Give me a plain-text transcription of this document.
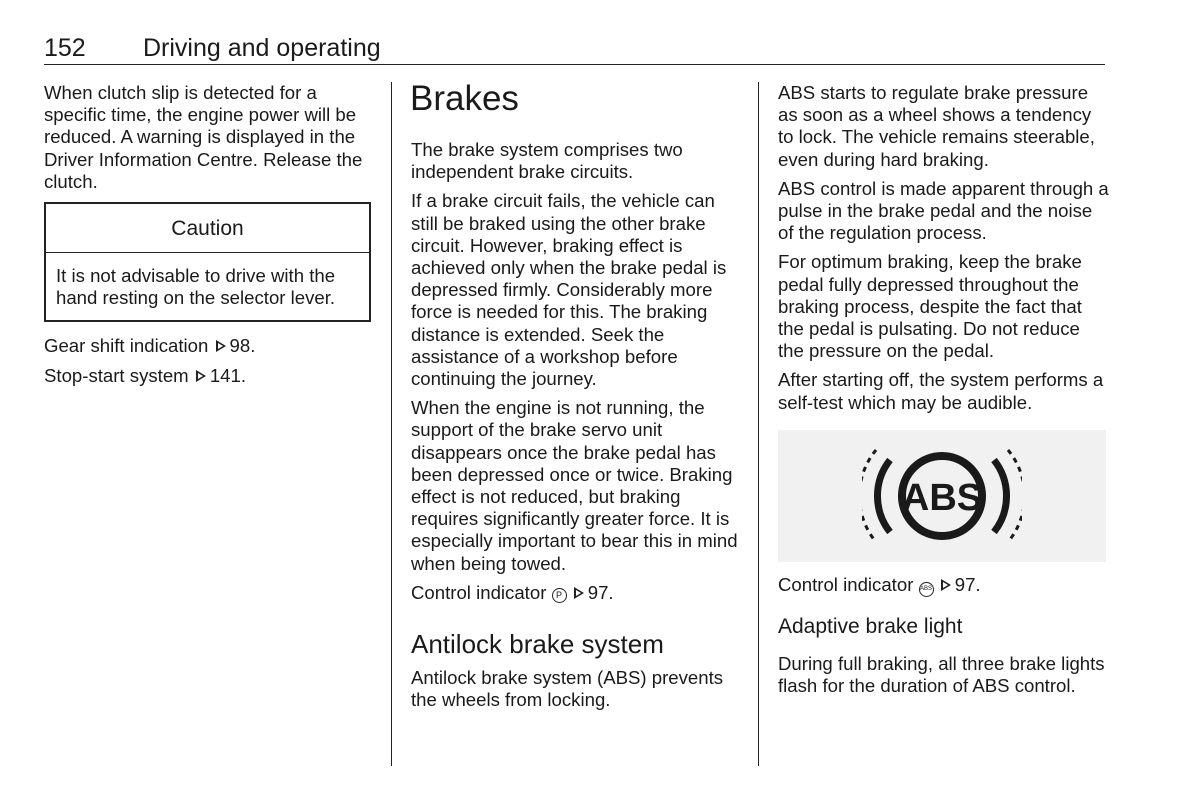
152 Driving and operating

When clutch slip is detected for a specific time, the engine power will be reduced. A warning is displayed in the Driver Information Centre. Release the clutch.

Caution
It is not advisable to drive with the hand resting on the selector lever.

Gear shift indication 98.

Stop-start system 141.

Brakes

The brake system comprises two independent brake circuits.

If a brake circuit fails, the vehicle can still be braked using the other brake circuit. However, braking effect is achieved only when the brake pedal is depressed firmly. Considerably more force is needed for this. The braking distance is extended. Seek the assistance of a workshop before continuing the journey.

When the engine is not running, the support of the brake servo unit disappears once the brake pedal has been depressed once or twice. Braking effect is not reduced, but braking requires significantly greater force. It is especially important to bear this in mind when being towed.

Control indicator P 97.

Antilock brake system

Antilock brake system (ABS) prevents the wheels from locking.

ABS starts to regulate brake pressure as soon as a wheel shows a tendency to lock. The vehicle remains steerable, even during hard braking.

ABS control is made apparent through a pulse in the brake pedal and the noise of the regulation process.

For optimum braking, keep the brake pedal fully depressed throughout the braking process, despite the fact that the pedal is pulsating. Do not reduce the pressure on the pedal.

After starting off, the system performs a self-test which may be audible.

ABS

Control indicator ABS 97.

Adaptive brake light

During full braking, all three brake lights flash for the duration of ABS control.
